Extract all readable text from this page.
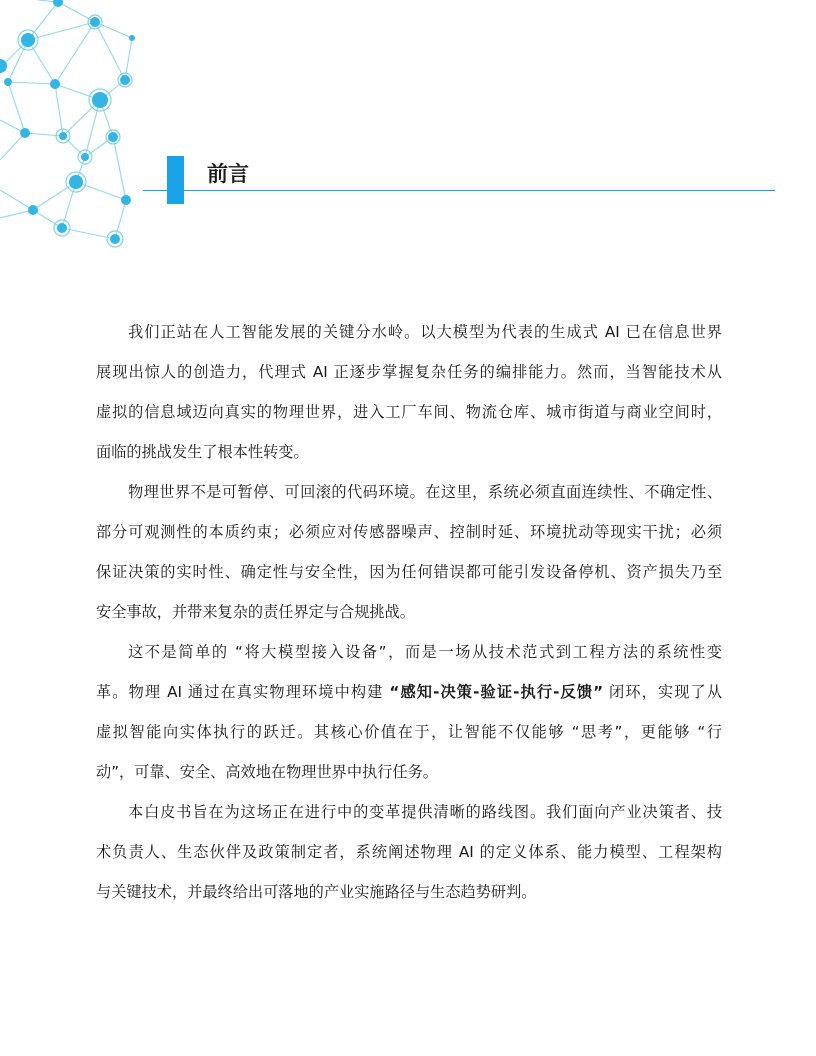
前言
我们正站在人工智能发展的关键分水岭。以大模型为代表的生成式 AI 已在信息世界
展现出惊人的创造力，代理式 AI 正逐步掌握复杂任务的编排能力。然而，当智能技术从
虚拟的信息域迈向真实的物理世界，进入工厂车间、物流仓库、城市街道与商业空间时，
面临的挑战发生了根本性转变。
物理世界不是可暂停、可回滚的代码环境。在这里，系统必须直面连续性、不确定性、
部分可观测性的本质约束；必须应对传感器噪声、控制时延、环境扰动等现实干扰；必须
保证决策的实时性、确定性与安全性，因为任何错误都可能引发设备停机、资产损失乃至
安全事故，并带来复杂的责任界定与合规挑战。
这不是简单的 “将大模型接入设备”，而是一场从技术范式到工程方法的系统性变
革。物理 AI 通过在真实物理环境中构建 “感知-决策-验证-执行-反馈” 闭环，实现了从
虚拟智能向实体执行的跃迁。其核心价值在于，让智能不仅能够 “思考”，更能够 “行
动”，可靠、安全、高效地在物理世界中执行任务。
本白皮书旨在为这场正在进行中的变革提供清晰的路线图。我们面向产业决策者、技
术负责人、生态伙伴及政策制定者，系统阐述物理 AI 的定义体系、能力模型、工程架构
与关键技术，并最终给出可落地的产业实施路径与生态趋势研判。
